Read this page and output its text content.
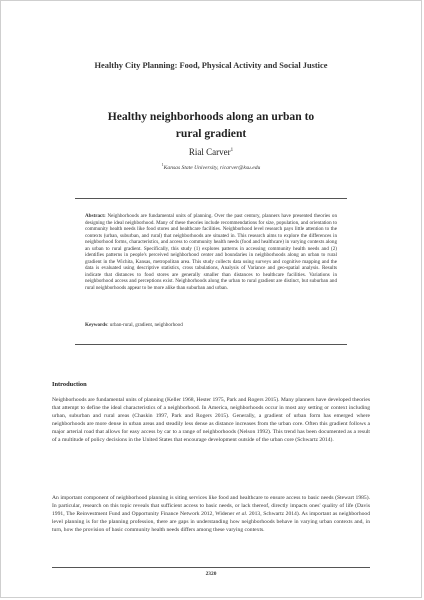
Healthy City Planning: Food, Physical Activity and Social Justice
Healthy neighborhoods along an urban to rural gradient
Rial Carver$^1$
$^1$Kansas State University, ricarver@ksu.edu

Abstract: Neighborhoods are fundamental units of planning. Over the past century, planners have presented theories on designing the ideal neighborhood. Many of these theories include recommendations for size, population, and orientation to community health needs like food stores and healthcare facilities. Neighborhood level research pays little attention to the contexts (urban, suburban, and rural) that neighborhoods are situated in. This research aims to explore the differences in neighborhood forms, characteristics, and access to community health needs (food and healthcare) in varying contexts along an urban to rural gradient. Specifically, this study (1) explores patterns in accessing community health needs and (2) identifies patterns in people's perceived neighborhood center and boundaries in neighborhoods along an urban to rural gradient in the Wichita, Kansas, metropolitan area. This study collects data using surveys and cognitive mapping and the data is evaluated using descriptive statistics, cross tabulations, Analysis of Variance and geo-spatial analysis. Results indicate that distances to food stores are generally smaller than distances to healthcare facilities. Variations in neighborhood access and perceptions exist. Neighborhoods along the urban to rural gradient are distinct, but suburban and rural neighborhoods appear to be more alike than suburban and urban.

Keywords: urban-rural, gradient, neighborhood

Introduction

Neighborhoods are fundamental units of planning (Keller 1968, Hester 1975, Park and Rogers 2015). Many planners have developed theories that attempt to define the ideal characteristics of a neighborhood. In America, neighborhoods occur in most any setting or context including urban, suburban and rural areas (Chaskin 1997, Park and Rogers 2015). Generally, a gradient of urban form has emerged where neighborhoods are more dense in urban areas and steadily less dense as distance increases from the urban core. Often this gradient follows a major arterial road that allows for easy access by car to a range of neighborhoods (Nelson 1992). This trend has been documented as a result of a multitude of policy decisions in the United States that encourage development outside of the urban core (Schwartz 2014).

An important component of neighborhood planning is siting services like food and healthcare to ensure access to basic needs (Stewart 1985). In particular, research on this topic reveals that sufficient access to basic needs, or lack thereof, directly impacts ones' quality of life (Davis 1991, The Reinvestment Fund and Opportunity Finance Network 2012, Widener et al. 2013, Schwartz 2014). As important as neighborhood level planning is for the planning profession, there are gaps in understanding how neighborhoods behave in varying urban contexts and, in turn, how the provision of basic community health needs differs among these varying contexts.

2320
